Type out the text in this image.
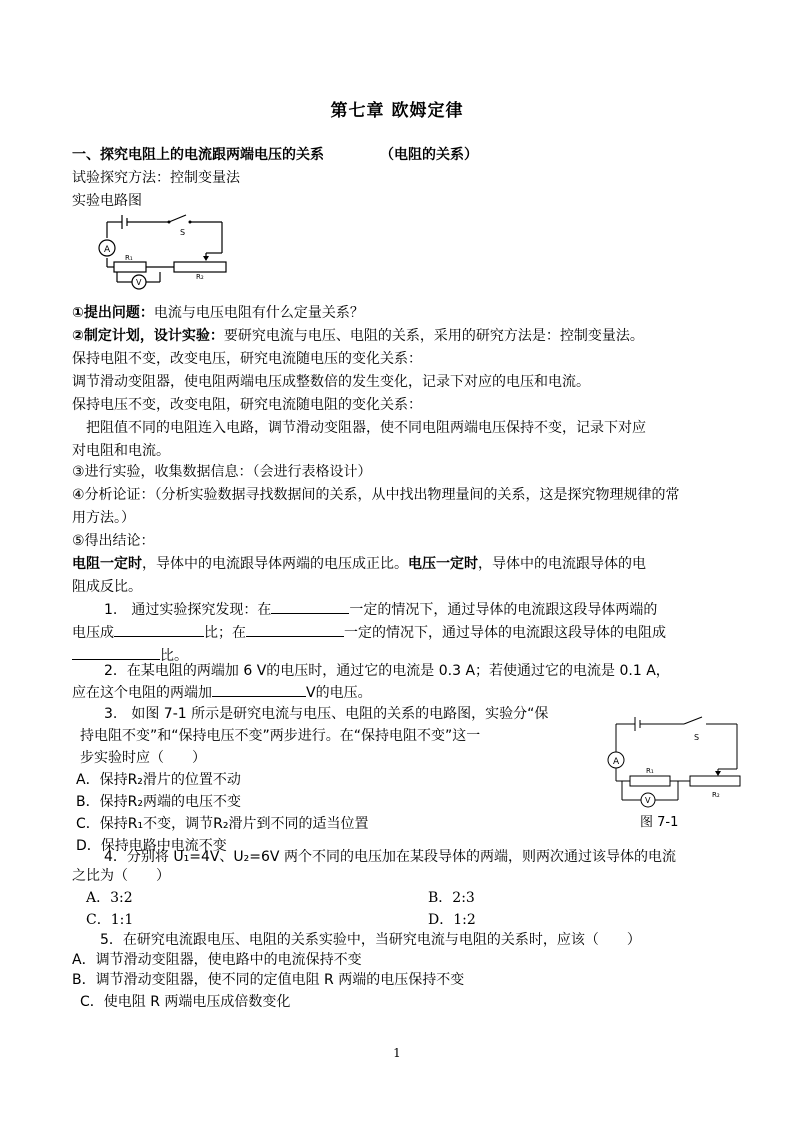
第七章 欧姆定律
一、探究电阻上的电流跟两端电压的关系	（电阻的关系）
试验探究方法：控制变量法
实验电路图
S
A
V
R₁
R₂
①提出问题：电流与电压电阻有什么定量关系？
②制定计划，设计实验：要研究电流与电压、电阻的关系，采用的研究方法是：控制变量法。
保持电阻不变，改变电压，研究电流随电压的变化关系：
调节滑动变阻器，使电阻两端电压成整数倍的发生变化，记录下对应的电压和电流。
保持电压不变，改变电阻，研究电流随电阻的变化关系：
把阻值不同的电阻连入电路，调节滑动变阻器，使不同电阻两端电压保持不变，记录下对应
对电阻和电流。
③进行实验，收集数据信息：（会进行表格设计）
④分析论证：（分析实验数据寻找数据间的关系，从中找出物理量间的关系，这是探究物理规律的常
用方法。）
⑤得出结论：
电阻一定时，导体中的电流跟导体两端的电压成正比。电压一定时，导体中的电流跟导体的电
阻成反比。
1.　通过实验探究发现：在	一定的情况下，通过导体的电流跟这段导体两端的
电压成	比；在	一定的情况下，通过导体的电流跟这段导体的电阻成
比。
2．在某电阻的两端加 6 V的电压时，通过它的电流是 0.3 A；若使通过它的电流是 0.1 A，
应在这个电阻的两端加	V的电压。
3.　如图 7-1 所示是研究电流与电压、电阻的关系的电路图，实验分“保
持电阻不变”和“保持电压不变”两步进行。在“保持电阻不变”这一
步实验时应（　　）
A．保持R₂滑片的位置不动
B．保持R₂两端的电压不变
C．保持R₁不变，调节R₂滑片到不同的适当位置
D．保持电路中电流不变
S
A
V
R₁
R₂
图 7-1
4．分别将 U₁=4V、U₂=6V 两个不同的电压加在某段导体的两端，则两次通过该导体的电流
之比为（　　）
A．3:2	B．2:3
C．1:1	D．1:2
5．在研究电流跟电压、电阻的关系实验中，当研究电流与电阻的关系时，应该（　　）
A．调节滑动变阻器，使电路中的电流保持不变
B．调节滑动变阻器，使不同的定值电阻 R 两端的电压保持不变
C．使电阻 R 两端电压成倍数变化
1
